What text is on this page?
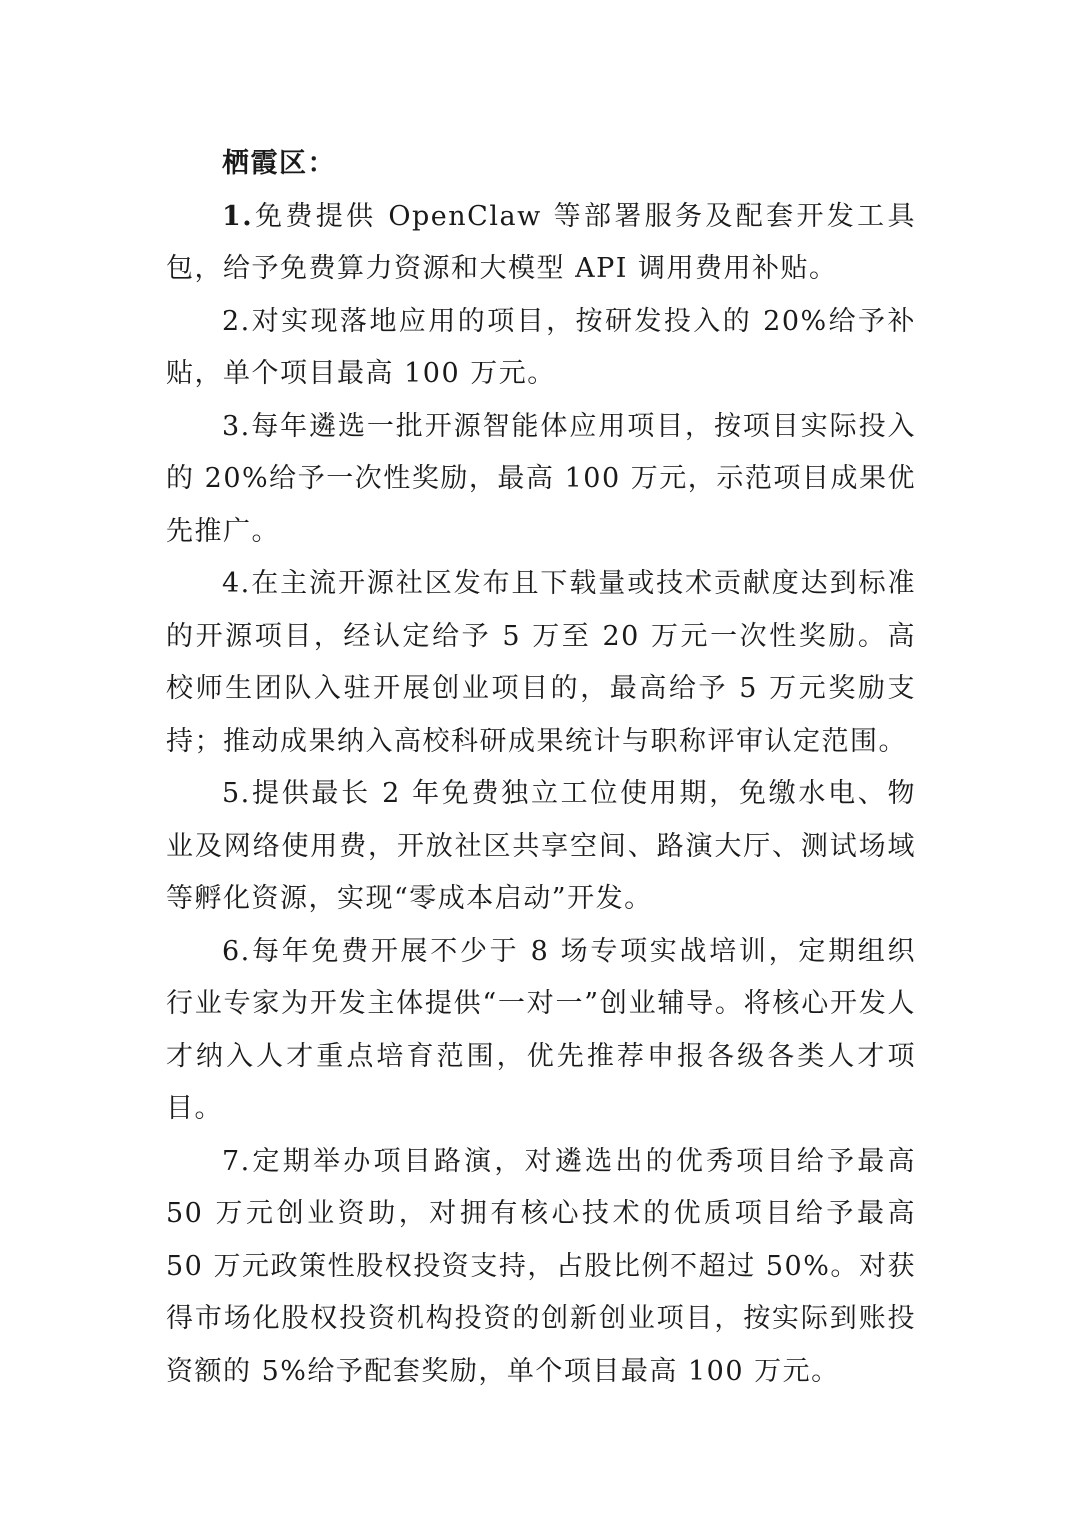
栖霞区：

1.免费提供 OpenClaw 等部署服务及配套开发工具包，给予免费算力资源和大模型 API 调用费用补贴。

2.对实现落地应用的项目，按研发投入的 20%给予补贴，单个项目最高 100 万元。

3.每年遴选一批开源智能体应用项目，按项目实际投入的 20%给予一次性奖励，最高 100 万元，示范项目成果优先推广。

4.在主流开源社区发布且下载量或技术贡献度达到标准的开源项目，经认定给予 5 万至 20 万元一次性奖励。高校师生团队入驻开展创业项目的，最高给予 5 万元奖励支持；推动成果纳入高校科研成果统计与职称评审认定范围。

5.提供最长 2 年免费独立工位使用期，免缴水电、物业及网络使用费，开放社区共享空间、路演大厅、测试场域等孵化资源，实现“零成本启动”开发。

6.每年免费开展不少于 8 场专项实战培训，定期组织行业专家为开发主体提供“一对一”创业辅导。将核心开发人才纳入人才重点培育范围，优先推荐申报各级各类人才项目。

7.定期举办项目路演，对遴选出的优秀项目给予最高 50 万元创业资助，对拥有核心技术的优质项目给予最高 50 万元政策性股权投资支持，占股比例不超过 50%。对获得市场化股权投资机构投资的创新创业项目，按实际到账投资额的 5%给予配套奖励，单个项目最高 100 万元。
